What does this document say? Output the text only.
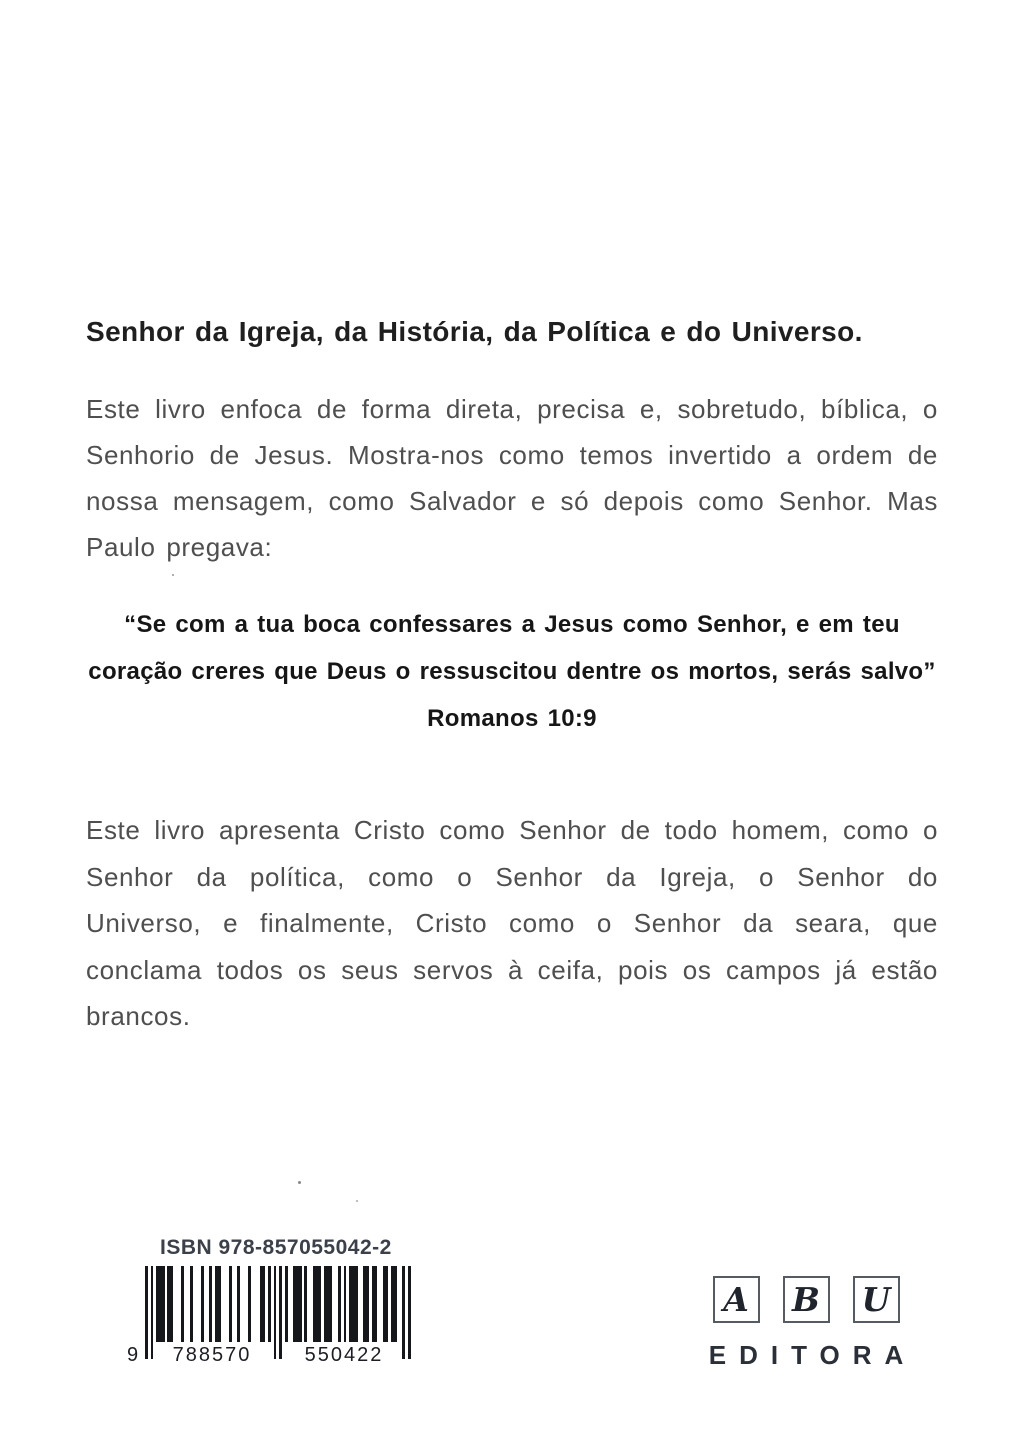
Senhor da Igreja, da História, da Política e do Universo.

Este livro enfoca de forma direta, precisa e, sobretudo, bíblica, o Senhorio de Jesus. Mostra-nos como temos invertido a ordem de nossa mensagem, como Salvador e só depois como Senhor. Mas Paulo pregava:

“Se com a tua boca confessares a Jesus como Senhor, e em teu coração creres que Deus o ressuscitou dentre os mortos, serás salvo”

Romanos 10:9

Este livro apresenta Cristo como Senhor de todo homem, como o Senhor da política, como o Senhor da Igreja, o Senhor do Universo, e finalmente, Cristo como o Senhor da seara, que conclama todos os seus servos à ceifa, pois os campos já estão brancos.

ISBN 978-857055042-2
9	788570	550422
A B U
EDITORA
